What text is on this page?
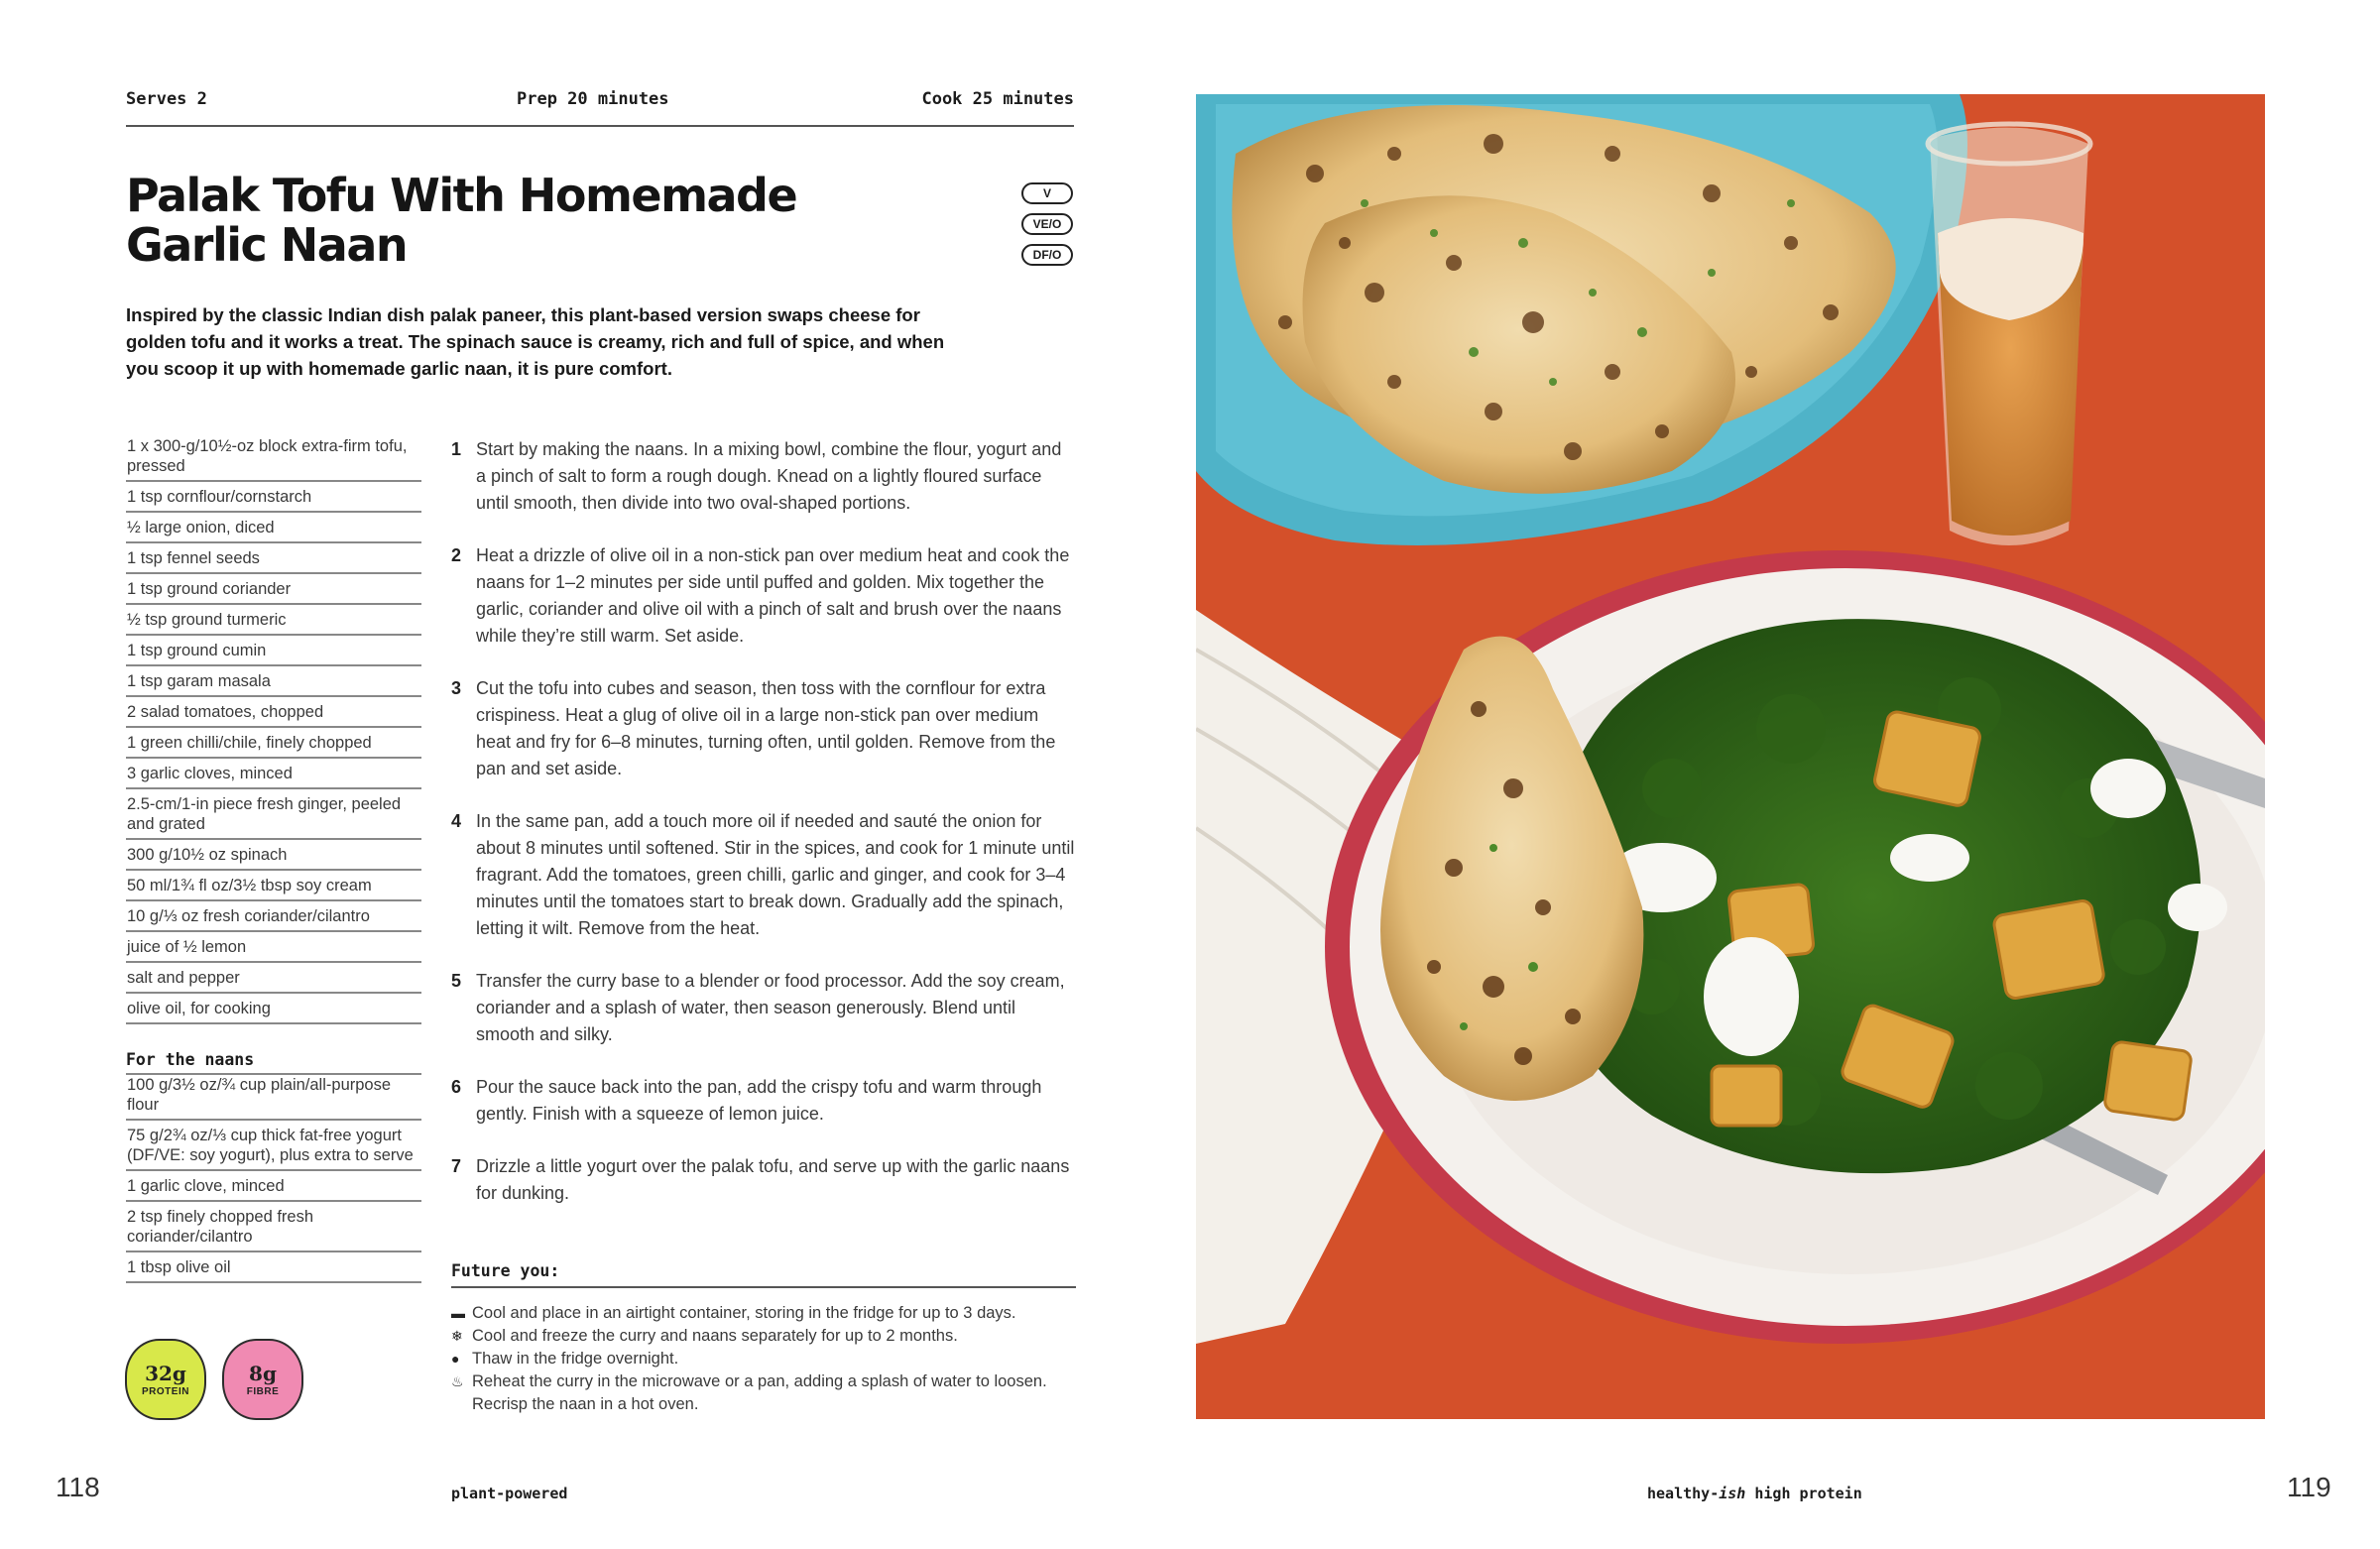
Serves 2	Prep 20 minutes	Cook 25 minutes
Palak Tofu With Homemade
Garlic Naan
V
VE/O
DF/O

Inspired by the classic Indian dish palak paneer, this plant-based version swaps cheese for golden tofu and it works a treat. The spinach sauce is creamy, rich and full of spice, and when you scoop it up with homemade garlic naan, it is pure comfort.

1 x 300-g/10½-oz block extra-firm tofu, pressed
1 tsp cornflour/cornstarch
½ large onion, diced
1 tsp fennel seeds
1 tsp ground coriander
½ tsp ground turmeric
1 tsp ground cumin
1 tsp garam masala
2 salad tomatoes, chopped
1 green chilli/chile, finely chopped
3 garlic cloves, minced
2.5-cm/1-in piece fresh ginger, peeled and grated
300 g/10½ oz spinach
50 ml/1¾ fl oz/3½ tbsp soy cream
10 g/⅓ oz fresh coriander/cilantro
juice of ½ lemon
salt and pepper
olive oil, for cooking
For the naans
100 g/3½ oz/¾ cup plain/all-purpose flour
75 g/2¾ oz/⅓ cup thick fat-free yogurt (DF/VE: soy yogurt), plus extra to serve
1 garlic clove, minced
2 tsp finely chopped fresh coriander/cilantro
1 tbsp olive oil
32g
PROTEIN
8g
FIBRE
1 Start by making the naans. In a mixing bowl, combine the flour, yogurt and a pinch of salt to form a rough dough. Knead on a lightly floured surface until smooth, then divide into two oval-shaped portions.
2 Heat a drizzle of olive oil in a non-stick pan over medium heat and cook the naans for 1–2 minutes per side until puffed and golden. Mix together the garlic, coriander and olive oil with a pinch of salt and brush over the naans while they’re still warm. Set aside.
3 Cut the tofu into cubes and season, then toss with the cornflour for extra crispiness. Heat a glug of olive oil in a large non-stick pan over medium heat and fry for 6–8 minutes, turning often, until golden. Remove from the pan and set aside.
4 In the same pan, add a touch more oil if needed and sauté the onion for about 8 minutes until softened. Stir in the spices, and cook for 1 minute until fragrant. Add the tomatoes, green chilli, garlic and ginger, and cook for 3–4 minutes until the tomatoes start to break down. Gradually add the spinach, letting it wilt. Remove from the heat.
5 Transfer the curry base to a blender or food processor. Add the soy cream, coriander and a splash of water, then season generously. Blend until smooth and silky.
6 Pour the sauce back into the pan, add the crispy tofu and warm through gently. Finish with a squeeze of lemon juice.
7 Drizzle a little yogurt over the palak tofu, and serve up with the garlic naans for dunking.
Future you:
▬ Cool and place in an airtight container, storing in the fridge for up to 3 days.
❄ Cool and freeze the curry and naans separately for up to 2 months.
● Thaw in the fridge overnight.
♨ Reheat the curry in the microwave or a pan, adding a splash of water to loosen. Recrisp the naan in a hot oven.
118	plant-powered	healthy-ish high protein	119
